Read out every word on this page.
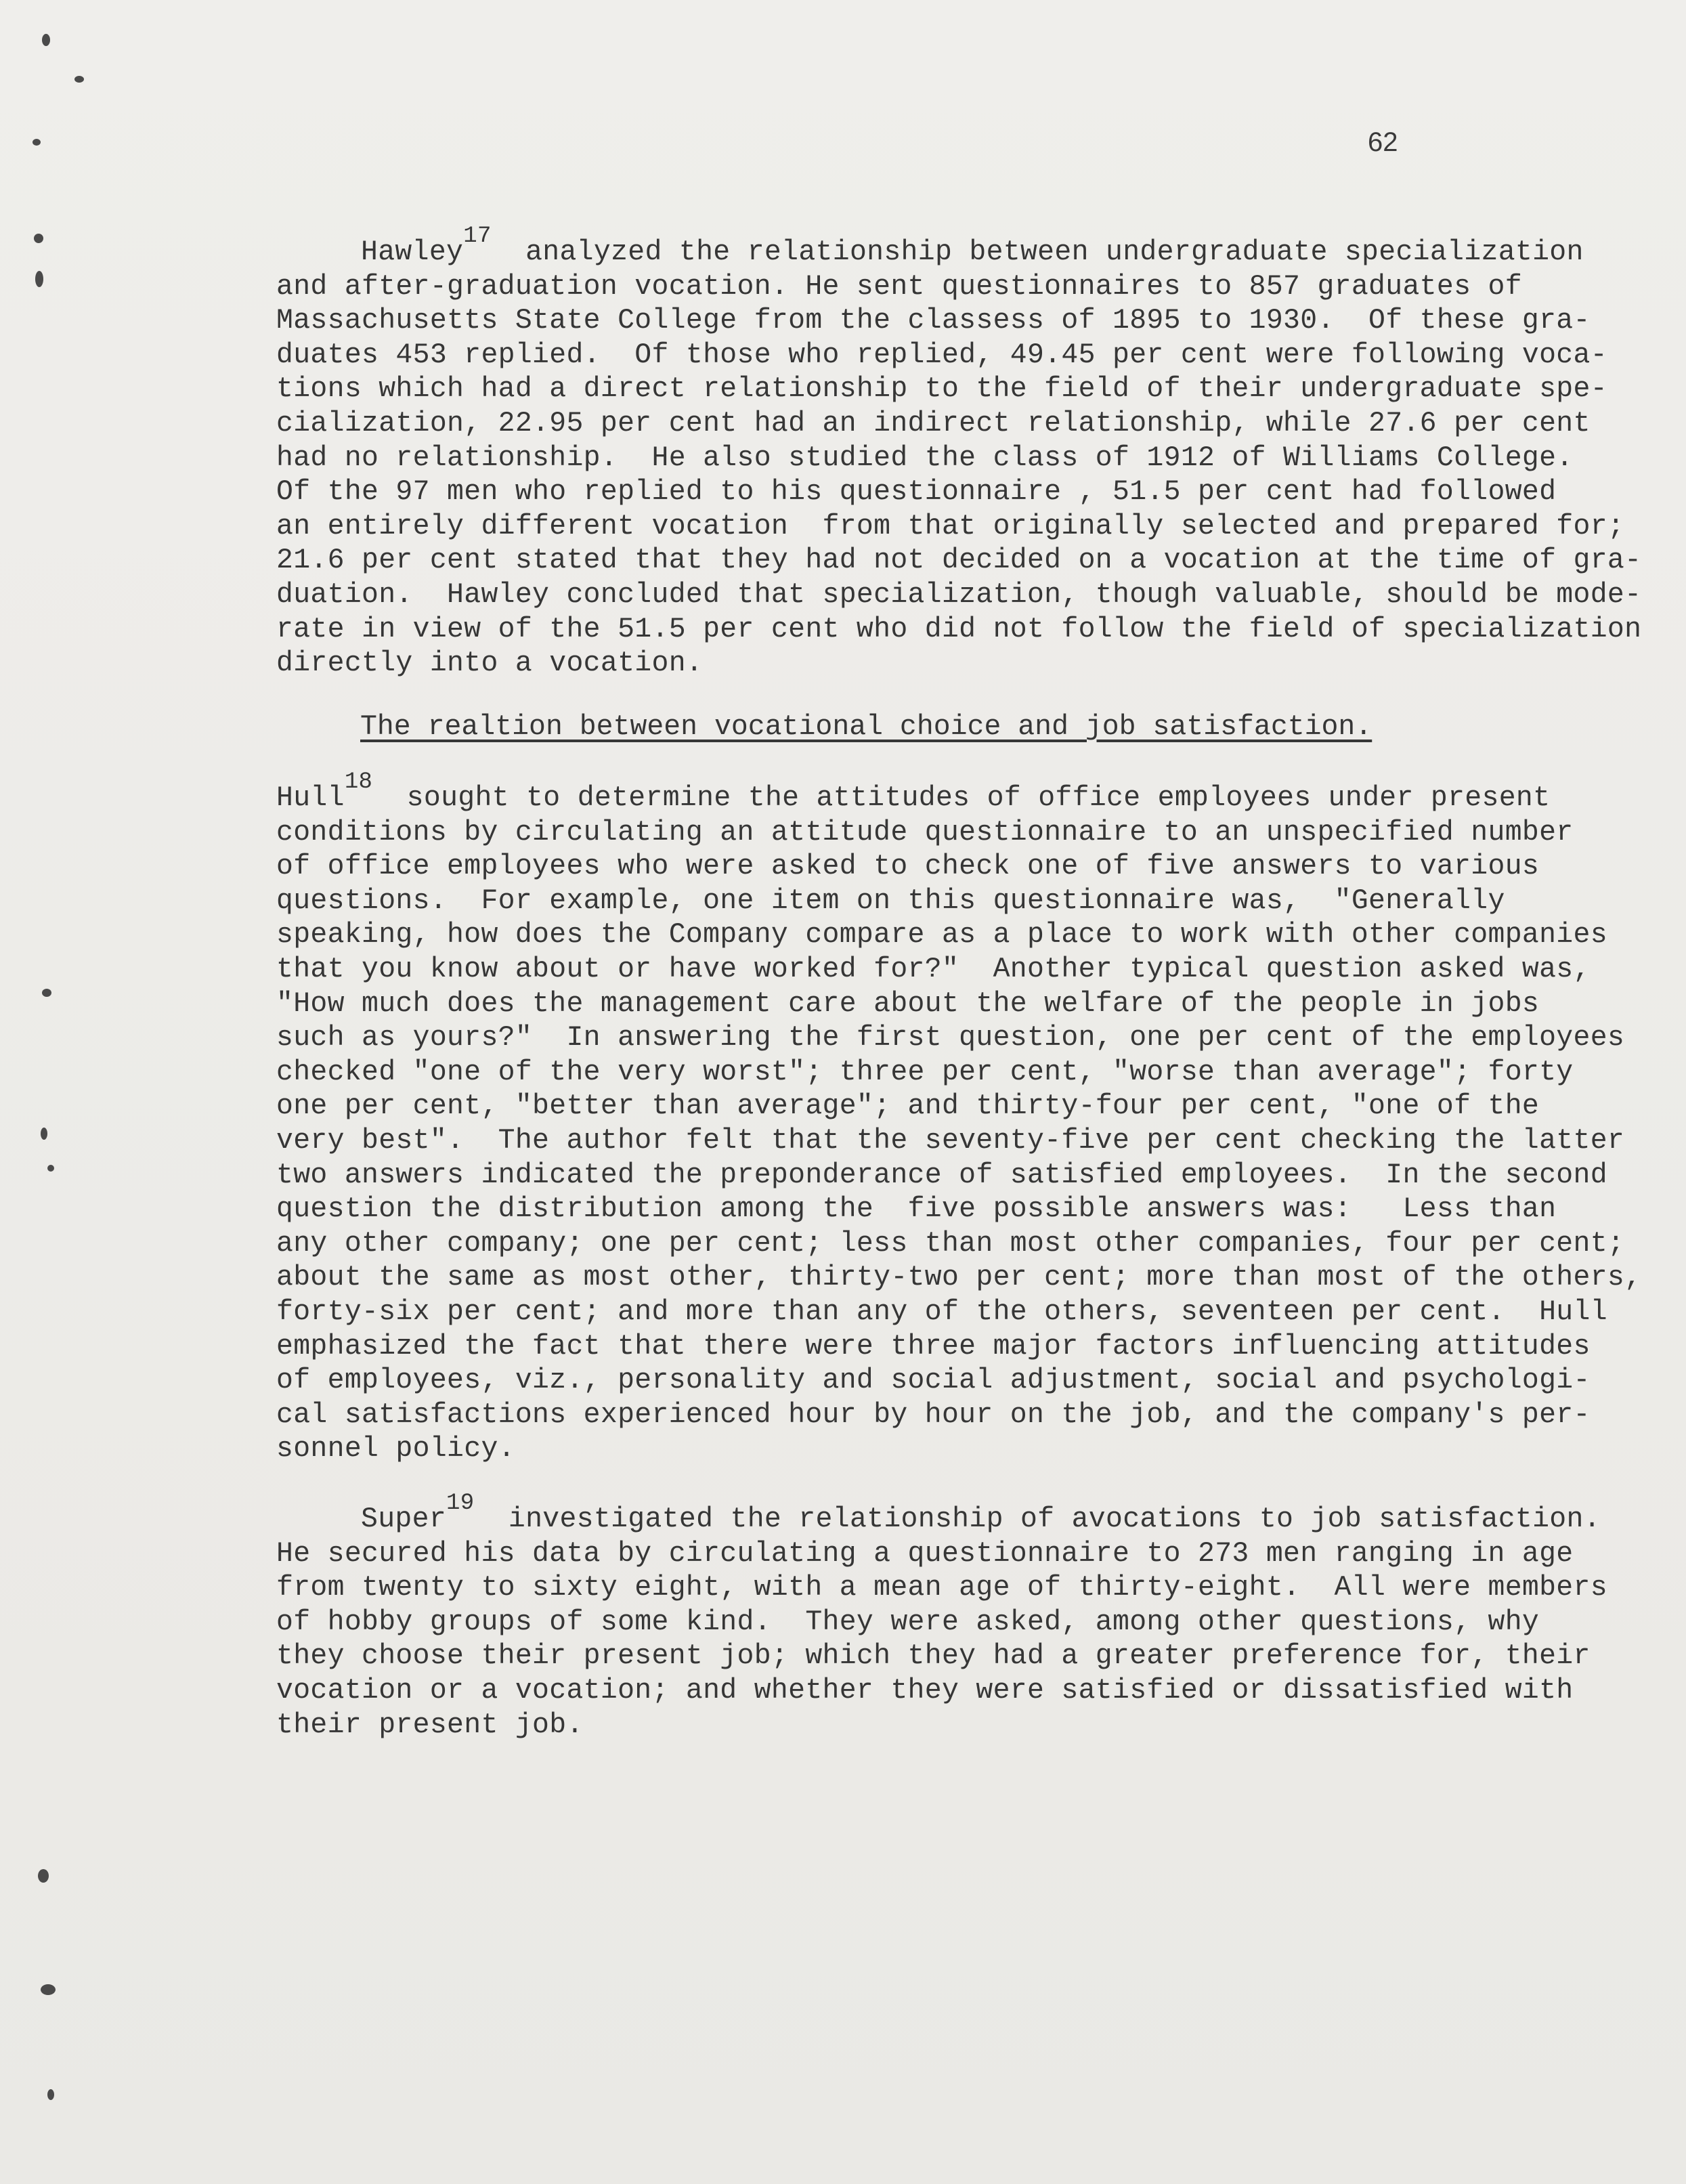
62
Hawley$^{17}$  analyzed the relationship between undergraduate specialization
and after-graduation vocation. He sent questionnaires to 857 graduates of
Massachusetts State College from the classess of 1895 to 1930.  Of these gra-
duates 453 replied.  Of those who replied, 49.45 per cent were following voca-
tions which had a direct relationship to the field of their undergraduate spe-
cialization, 22.95 per cent had an indirect relationship, while 27.6 per cent
had no relationship.  He also studied the class of 1912 of Williams College.
Of the 97 men who replied to his questionnaire , 51.5 per cent had followed
an entirely different vocation  from that originally selected and prepared for;
21.6 per cent stated that they had not decided on a vocation at the time of gra-
duation.  Hawley concluded that specialization, though valuable, should be mode-
rate in view of the 51.5 per cent who did not follow the field of specialization
directly into a vocation.
The realtion between vocational choice and job satisfaction.
Hull$^{18}$  sought to determine the attitudes of office employees under present
conditions by circulating an attitude questionnaire to an unspecified number
of office employees who were asked to check one of five answers to various
questions.  For example, one item on this questionnaire was,  "Generally
speaking, how does the Company compare as a place to work with other companies
that you know about or have worked for?"  Another typical question asked was,
"How much does the management care about the welfare of the people in jobs
such as yours?"  In answering the first question, one per cent of the employees
checked "one of the very worst"; three per cent, "worse than average"; forty
one per cent, "better than average"; and thirty-four per cent, "one of the
very best".  The author felt that the seventy-five per cent checking the latter
two answers indicated the preponderance of satisfied employees.  In the second
question the distribution among the  five possible answers was:   Less than
any other company; one per cent; less than most other companies, four per cent;
about the same as most other, thirty-two per cent; more than most of the others,
forty-six per cent; and more than any of the others, seventeen per cent.  Hull
emphasized the fact that there were three major factors influencing attitudes
of employees, viz., personality and social adjustment, social and psychologi-
cal satisfactions experienced hour by hour on the job, and the company's per-
sonnel policy.
Super$^{19}$  investigated the relationship of avocations to job satisfaction.
He secured his data by circulating a questionnaire to 273 men ranging in age
from twenty to sixty eight, with a mean age of thirty-eight.  All were members
of hobby groups of some kind.  They were asked, among other questions, why
they choose their present job; which they had a greater preference for, their
vocation or a vocation; and whether they were satisfied or dissatisfied with
their present job.
